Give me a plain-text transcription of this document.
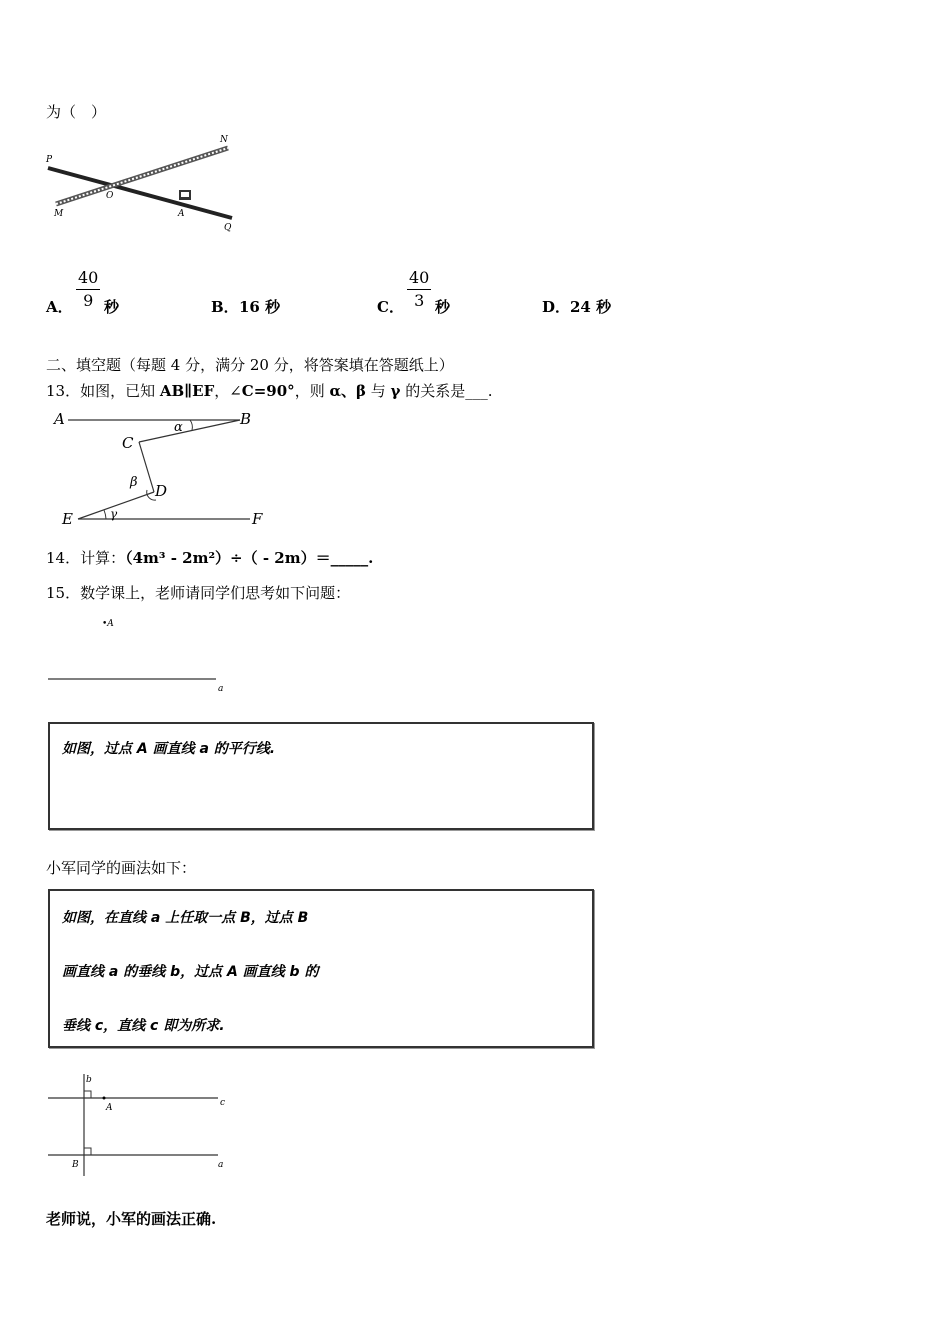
为（　）
P
N
M
O
A
Q
A． $\frac{40}{9}$ 秒	B． 16 秒	C． $\frac{40}{3}$ 秒	D． 24 秒
二、填空题（每题 4 分，满分 20 分，将答案填在答题纸上）
13．如图，已知 AB∥EF，∠C=90°，则 α、β 与 γ 的关系是___.
A	B
C
D
E	F
α
β
γ
14．计算：（4m³ - 2m²）÷（ - 2m）＝_____.
15．数学课上，老师请同学们思考如下问题：
•A
a
如图，过点 A 画直线 a 的平行线.
小军同学的画法如下：
如图，在直线 a 上任取一点 B，过点 B
画直线 a 的垂线 b，过点 A 画直线 b 的
垂线 c，直线 c 即为所求.
b
A	c
B	a
老师说，小军的画法正确.
